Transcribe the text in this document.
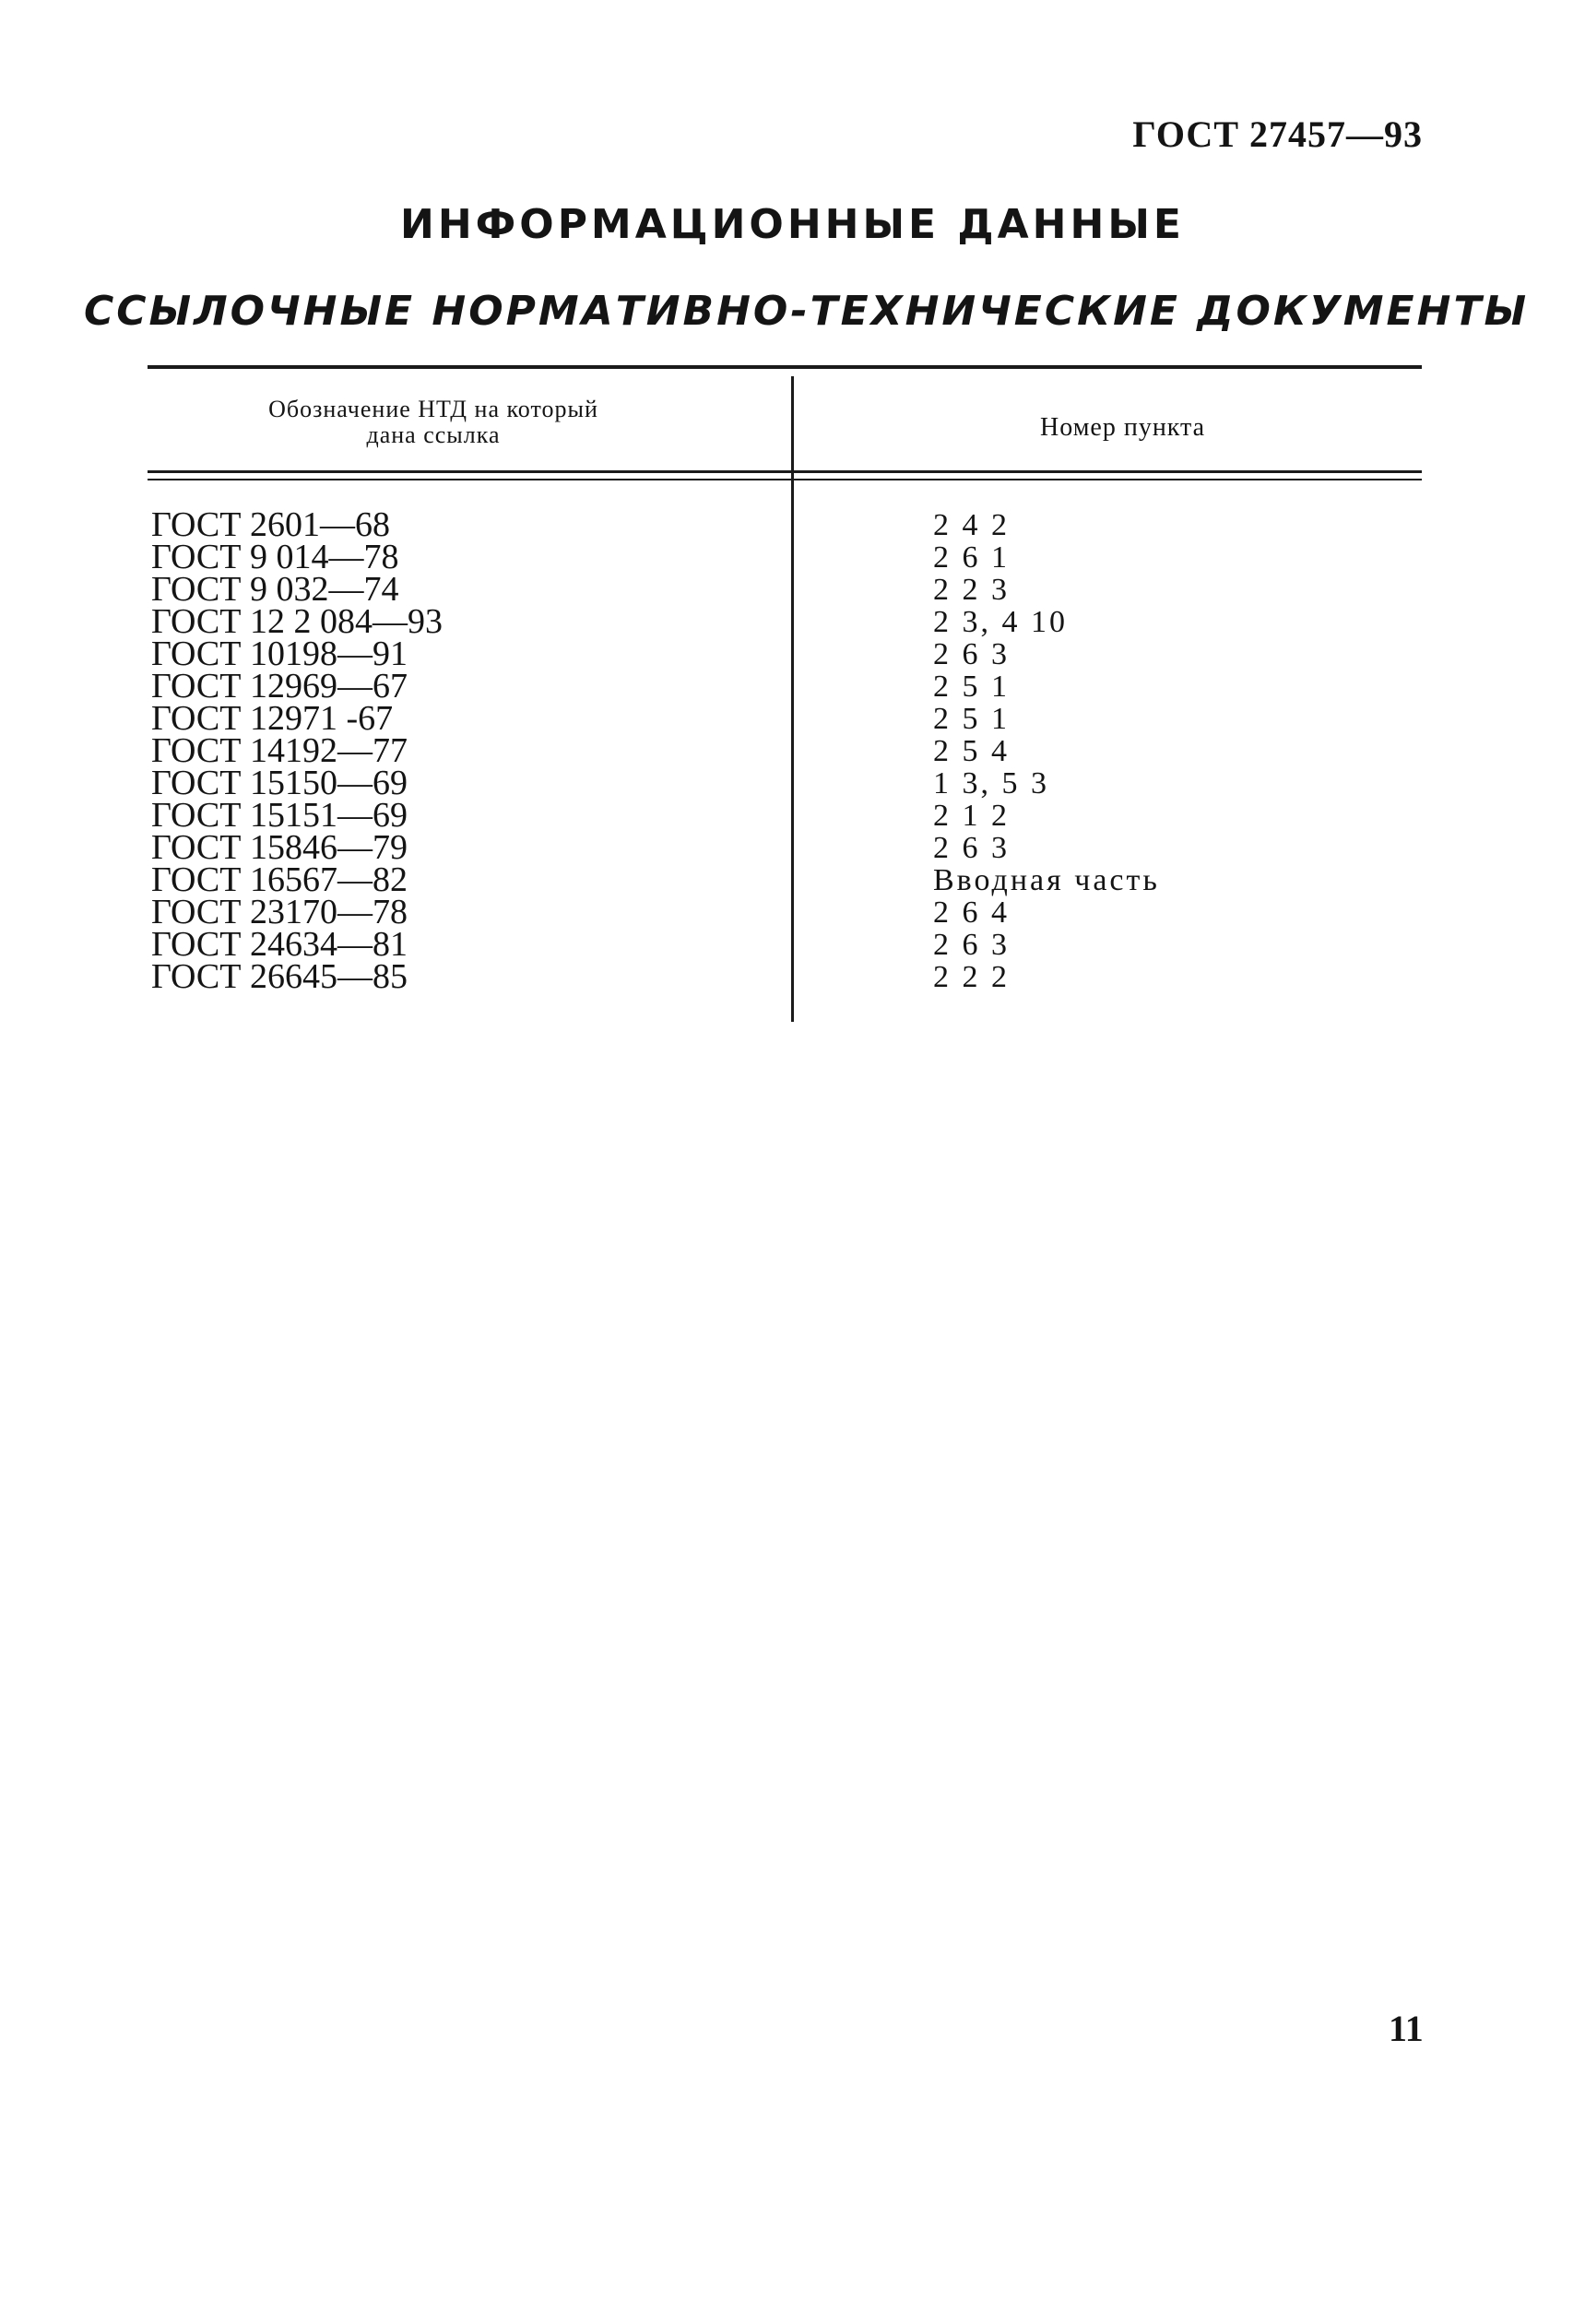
ГОСТ 27457—93
ИНФОРМАЦИОННЫЕ ДАННЫЕ
ССЫЛОЧНЫЕ НОРМАТИВНО-ТЕХНИЧЕСКИЕ ДОКУМЕНТЫ
Обозначение НТД на который
дана ссылка	Номер пункта
ГОСТ 2601—68	2 4 2
ГОСТ 9 014—78	2 6 1
ГОСТ 9 032—74	2 2 3
ГОСТ 12 2 084—93	2 3, 4 10
ГОСТ 10198—91	2 6 3
ГОСТ 12969—67	2 5 1
ГОСТ 12971 -67	2 5 1
ГОСТ 14192—77	2 5 4
ГОСТ 15150—69	1 3, 5 3
ГОСТ 15151—69	2 1 2
ГОСТ 15846—79	2 6 3
ГОСТ 16567—82	Вводная часть
ГОСТ 23170—78	2 6 4
ГОСТ 24634—81	2 6 3
ГОСТ 26645—85	2 2 2
11
